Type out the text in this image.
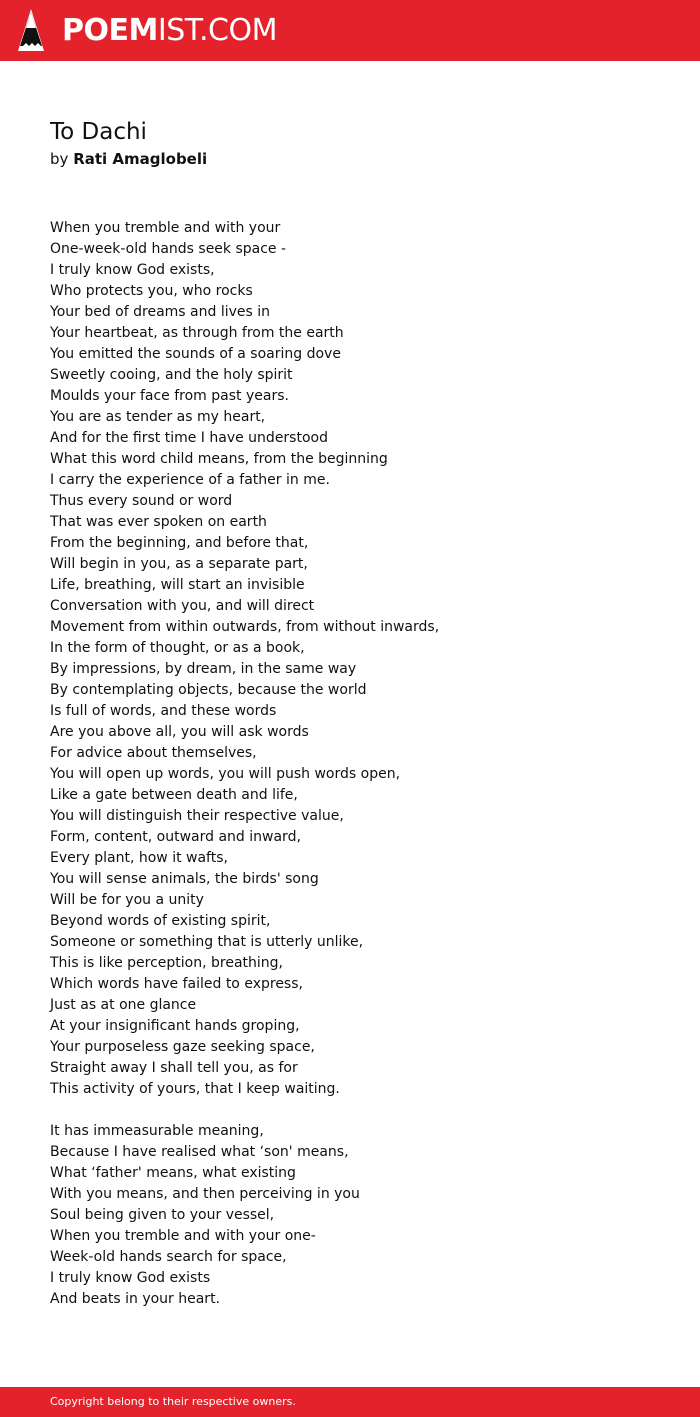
POEMIST.COM
To Dachi
by Rati Amaglobeli
When you tremble and with your
One-week-old hands seek space -
I truly know God exists,
Who protects you, who rocks
Your bed of dreams and lives in
Your heartbeat, as through from the earth
You emitted the sounds of a soaring dove
Sweetly cooing, and the holy spirit
Moulds your face from past years.
You are as tender as my heart,
And for the first time I have understood
What this word child means, from the beginning
I carry the experience of a father in me.
Thus every sound or word
That was ever spoken on earth
From the beginning, and before that,
Will begin in you, as a separate part,
Life, breathing, will start an invisible
Conversation with you, and will direct
Movement from within outwards, from without inwards,
In the form of thought, or as a book,
By impressions, by dream, in the same way
By contemplating objects, because the world
Is full of words, and these words
Are you above all, you will ask words
For advice about themselves,
You will open up words, you will push words open,
Like a gate between death and life,
You will distinguish their respective value,
Form, content, outward and inward,
Every plant, how it wafts,
You will sense animals, the birds' song
Will be for you a unity
Beyond words of existing spirit,
Someone or something that is utterly unlike,
This is like perception, breathing,
Which words have failed to express,
Just as at one glance
At your insignificant hands groping,
Your purposeless gaze seeking space,
Straight away I shall tell you, as for
This activity of yours, that I keep waiting.
It has immeasurable meaning,
Because I have realised what ‘son' means,
What ‘father' means, what existing
With you means, and then perceiving in you
Soul being given to your vessel,
When you tremble and with your one-
Week-old hands search for space,
I truly know God exists
And beats in your heart.
Copyright belong to their respective owners.
